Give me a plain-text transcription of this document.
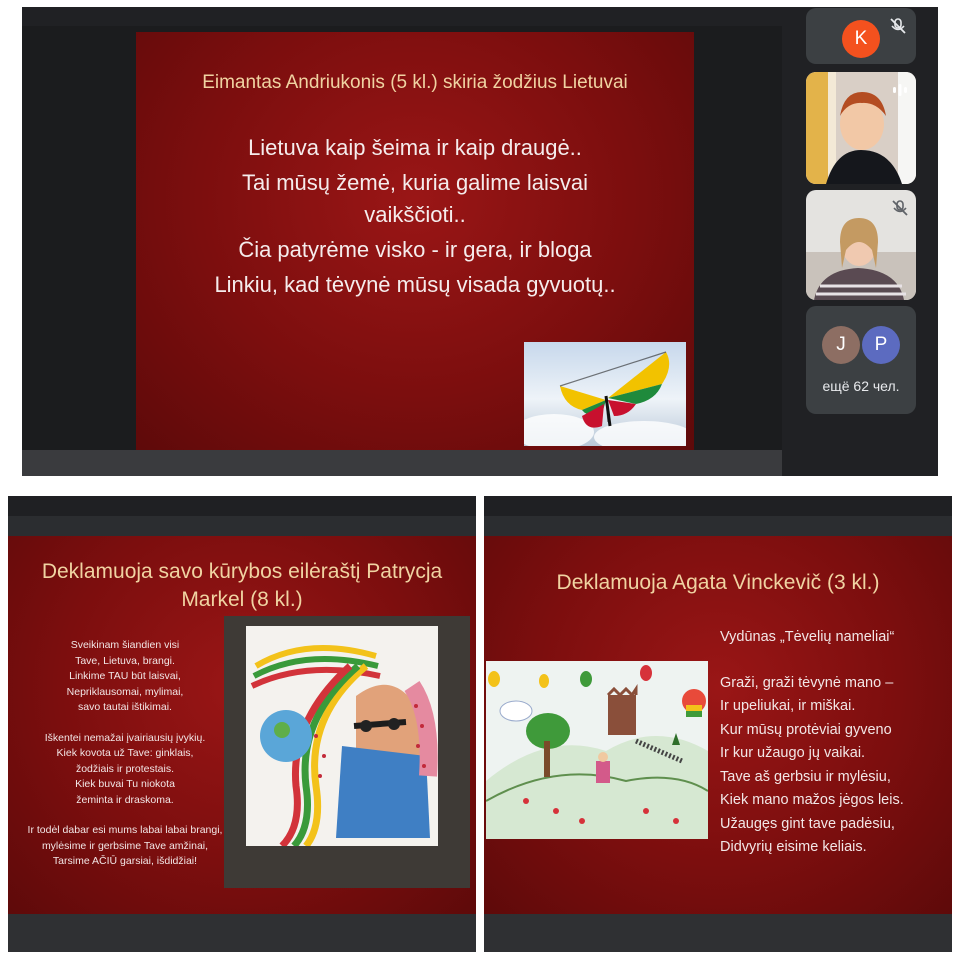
Eimantas Andriukonis (5 kl.) skiria žodžius Lietuvai
Lietuva kaip šeima ir kaip draugė..
Tai mūsų žemė, kuria galime laisvai
vaikščioti..
Čia patyrėme visko - ir gera, ir bloga
Linkiu, kad tėvynė mūsų visada gyvuotų..
K
J P
ещё 62 чел.
Deklamuoja savo kūrybos eilėraštį Patrycja Markel (8 kl.)
Sveikinam šiandien visi
Tave, Lietuva, brangi.
Linkime TAU būt laisvai,
Nepriklausomai, mylimai,
savo tautai ištikimai.
Iškentei nemažai įvairiausių įvykių.
Kiek kovota už Tave: ginklais,
žodžiais ir protestais.
Kiek buvai Tu niokota
žeminta ir draskoma.
Ir todėl dabar esi mums labai labai brangi,
mylėsime ir gerbsime Tave amžinai,
Tarsime AČIŪ garsiai, išdidžiai!
Deklamuoja Agata Vinckevič (3 kl.)
Vydūnas „Tėvelių nameliai“
Graži, graži tėvynė mano –
Ir upeliukai, ir miškai.
Kur mūsų protėviai gyveno
Ir kur užaugo jų vaikai.
Tave aš gerbsiu ir mylėsiu,
Kiek mano mažos jėgos leis.
Užaugęs gint tave padėsiu,
Didvyrių eisime keliais.
